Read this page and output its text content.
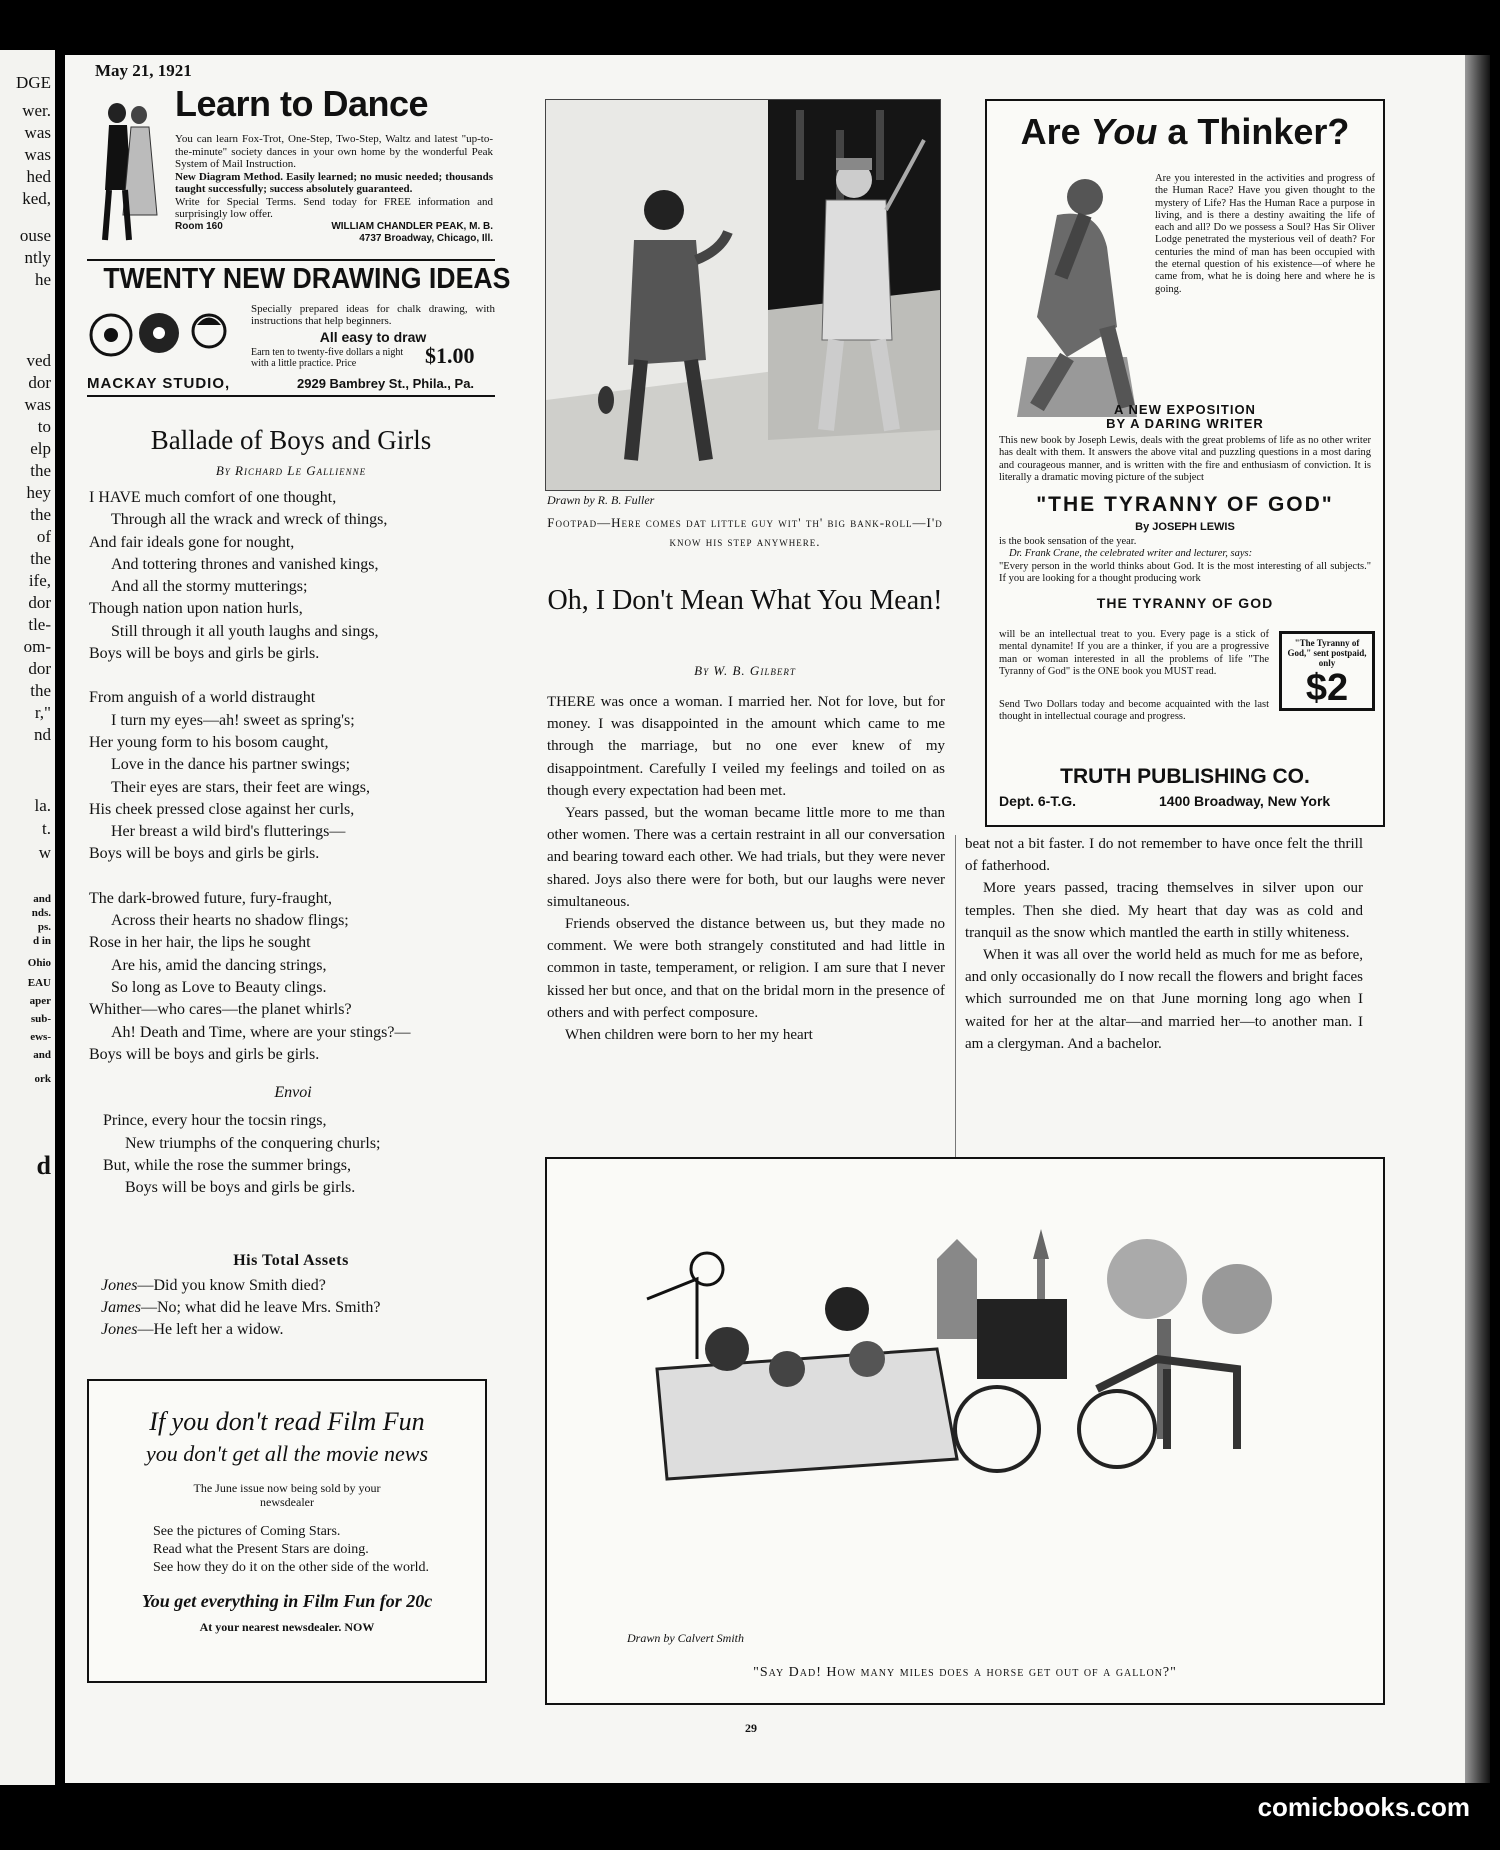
DGE
wer.
was
was
hed
ked,
ouse
ntly
he
ved
dor
was
to
elp
the
hey
the
of
the
ife,
dor
tle-
om-
dor
the
r,"
nd
la.
t.
w
and
nds.
ps.
d in
Ohio
EAU
aper
sub-
ews-
and
ork
d
May 21, 1921
Learn to Dance
You can learn Fox-Trot, One-Step, Two-Step, Waltz and latest "up-to-the-minute" society dances in your own home by the wonderful Peak System of Mail Instruction.
New Diagram Method. Easily learned; no music needed; thousands taught successfully; success absolutely guaranteed.
Write for Special Terms. Send today for FREE information and surprisingly low offer.
Room 160	WILLIAM CHANDLER PEAK, M. B.
4737 Broadway, Chicago, Ill.
TWENTY NEW DRAWING IDEAS
Specially prepared ideas for chalk drawing, with instructions that help beginners.
All easy to draw
Earn ten to twenty-five dollars a night with a little practice. Price	$1.00
MACKAY STUDIO,	2929 Bambrey St., Phila., Pa.
Ballade of Boys and Girls
By Richard Le Gallienne
I HAVE much comfort of one thought,
Through all the wrack and wreck of things,
And fair ideals gone for nought,
And tottering thrones and vanished kings,
And all the stormy mutterings;
Though nation upon nation hurls,
Still through it all youth laughs and sings,
Boys will be boys and girls be girls.
From anguish of a world distraught
I turn my eyes—ah! sweet as spring's;
Her young form to his bosom caught,
Love in the dance his partner swings;
Their eyes are stars, their feet are wings,
His cheek pressed close against her curls,
Her breast a wild bird's flutterings—
Boys will be boys and girls be girls.
The dark-browed future, fury-fraught,
Across their hearts no shadow flings;
Rose in her hair, the lips he sought
Are his, amid the dancing strings,
So long as Love to Beauty clings.
Whither—who cares—the planet whirls?
Ah! Death and Time, where are your stings?—
Boys will be boys and girls be girls.
Envoi
Prince, every hour the tocsin rings,
New triumphs of the conquering churls;
But, while the rose the summer brings,
Boys will be boys and girls be girls.
His Total Assets
Jones—Did you know Smith died?
James—No; what did he leave Mrs. Smith?
Jones—He left her a widow.
If you don't read Film Fun
you don't get all the movie news
The June issue now being sold by your newsdealer
See the pictures of Coming Stars.
Read what the Present Stars are doing.
See how they do it on the other side of the world.
You get everything in Film Fun for 20c
At your nearest newsdealer. NOW
Drawn by R. B. Fuller
Footpad—Here comes dat little guy wit' th' big bank-roll—I'd know his step anywhere.
Oh, I Don't Mean What You Mean!
By W. B. Gilbert

THERE was once a woman. I married her. Not for love, but for money. I was disappointed in the amount which came to me through the marriage, but no one ever knew of my disappointment. Carefully I veiled my feelings and toiled on as though every expectation had been met.

Years passed, but the woman became little more to me than other women. There was a certain restraint in all our conversation and bearing toward each other. We had trials, but they were never shared. Joys also there were for both, but our laughs were never simultaneous.

Friends observed the distance between us, but they made no comment. We were both strangely constituted and had little in common in taste, temperament, or religion. I am sure that I never kissed her but once, and that on the bridal morn in the presence of others and with perfect composure.

When children were born to her my heart

beat not a bit faster. I do not remember to have once felt the thrill of fatherhood.

More years passed, tracing themselves in silver upon our temples. Then she died. My heart that day was as cold and tranquil as the snow which mantled the earth in stilly whiteness.

When it was all over the world held as much for me as before, and only occasionally do I now recall the flowers and bright faces which surrounded me on that June morning long ago when I waited for her at the altar—and married her—to another man. I am a clergyman. And a bachelor.

Are You a Thinker?
Are you interested in the activities and progress of the Human Race? Have you given thought to the mystery of Life? Has the Human Race a purpose in living, and is there a destiny awaiting the life of each and all? Do we possess a Soul? Has Sir Oliver Lodge penetrated the mysterious veil of death? For centuries the mind of man has been occupied with the eternal question of his existence—of where he came from, what he is doing here and where he is going.
A NEW EXPOSITION
BY A DARING WRITER
This new book by Joseph Lewis, deals with the great problems of life as no other writer has dealt with them. It answers the above vital and puzzling questions in a most daring and courageous manner, and is written with the fire and enthusiasm of conviction. It is literally a dramatic moving picture of the subject
"THE TYRANNY OF GOD"
By JOSEPH LEWIS
is the book sensation of the year.
Dr. Frank Crane, the celebrated writer and lecturer, says:
"Every person in the world thinks about God. It is the most interesting of all subjects." If you are looking for a thought producing work
THE TYRANNY OF GOD
will be an intellectual treat to you. Every page is a stick of mental dynamite! If you are a thinker, if you are a progressive man or woman interested in all the problems of life "The Tyranny of God" is the ONE book you MUST read.
Send Two Dollars today and become acquainted with the last thought in intellectual courage and progress.
"The Tyranny of God," sent postpaid, only
$2
TRUTH PUBLISHING CO.
Dept. 6-T.G.	1400 Broadway, New York
Drawn by Calvert Smith
"Say Dad! How many miles does a horse get out of a gallon?"
29
comicbooks.com
